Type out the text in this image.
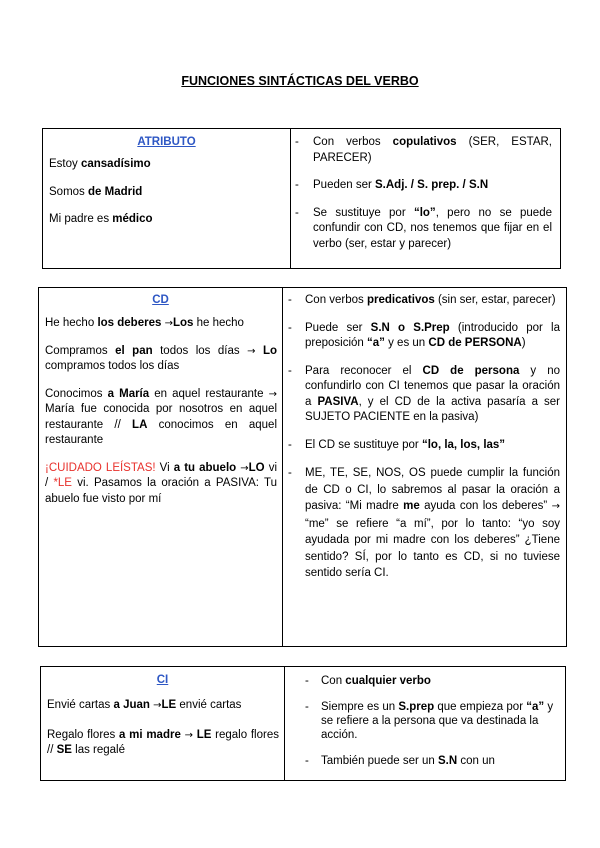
FUNCIONES SINTÁCTICAS DEL VERBO
ATRIBUTO

Estoy cansadísimo

Somos de Madrid

Mi padre es médico

- Con verbos copulativos (SER, ESTAR, PARECER)
- Pueden ser S.Adj. / S. prep. / S.N
- Se sustituye por “lo”, pero no se puede confundir con CD, nos tenemos que fijar en el verbo (ser, estar y parecer)
CD

He hecho los deberes →Los he hecho

Compramos el pan todos los días → Lo compramos todos los días

Conocimos a María en aquel restaurante → María fue conocida por nosotros en aquel restaurante // LA conocimos en aquel restaurante

¡CUIDADO LEÍSTAS! Vi a tu abuelo →LO vi / *LE vi. Pasamos la oración a PASIVA: Tu abuelo fue visto por mí

- Con verbos predicativos (sin ser, estar, parecer)
- Puede ser S.N o S.Prep (introducido por la preposición “a” y es un CD de PERSONA)
- Para reconocer el CD de persona y no confundirlo con CI tenemos que pasar la oración a PASIVA, y el CD de la activa pasaría a ser SUJETO PACIENTE en la pasiva)
- El CD se sustituye por “lo, la, los, las”
- ME, TE, SE, NOS, OS puede cumplir la función de CD o CI, lo sabremos al pasar la oración a pasiva: “Mi madre me ayuda con los deberes” → “me” se refiere “a mí”, por lo tanto: “yo soy ayudada por mi madre con los deberes” ¿Tiene sentido? SÍ, por lo tanto es CD, si no tuviese sentido sería CI.
CI

Envié cartas a Juan →LE envié cartas

Regalo flores a mi madre → LE regalo flores // SE las regalé

- Con cualquier verbo
- Siempre es un S.prep que empieza por “a” y se refiere a la persona que va destinada la acción.
- También puede ser un S.N con un
